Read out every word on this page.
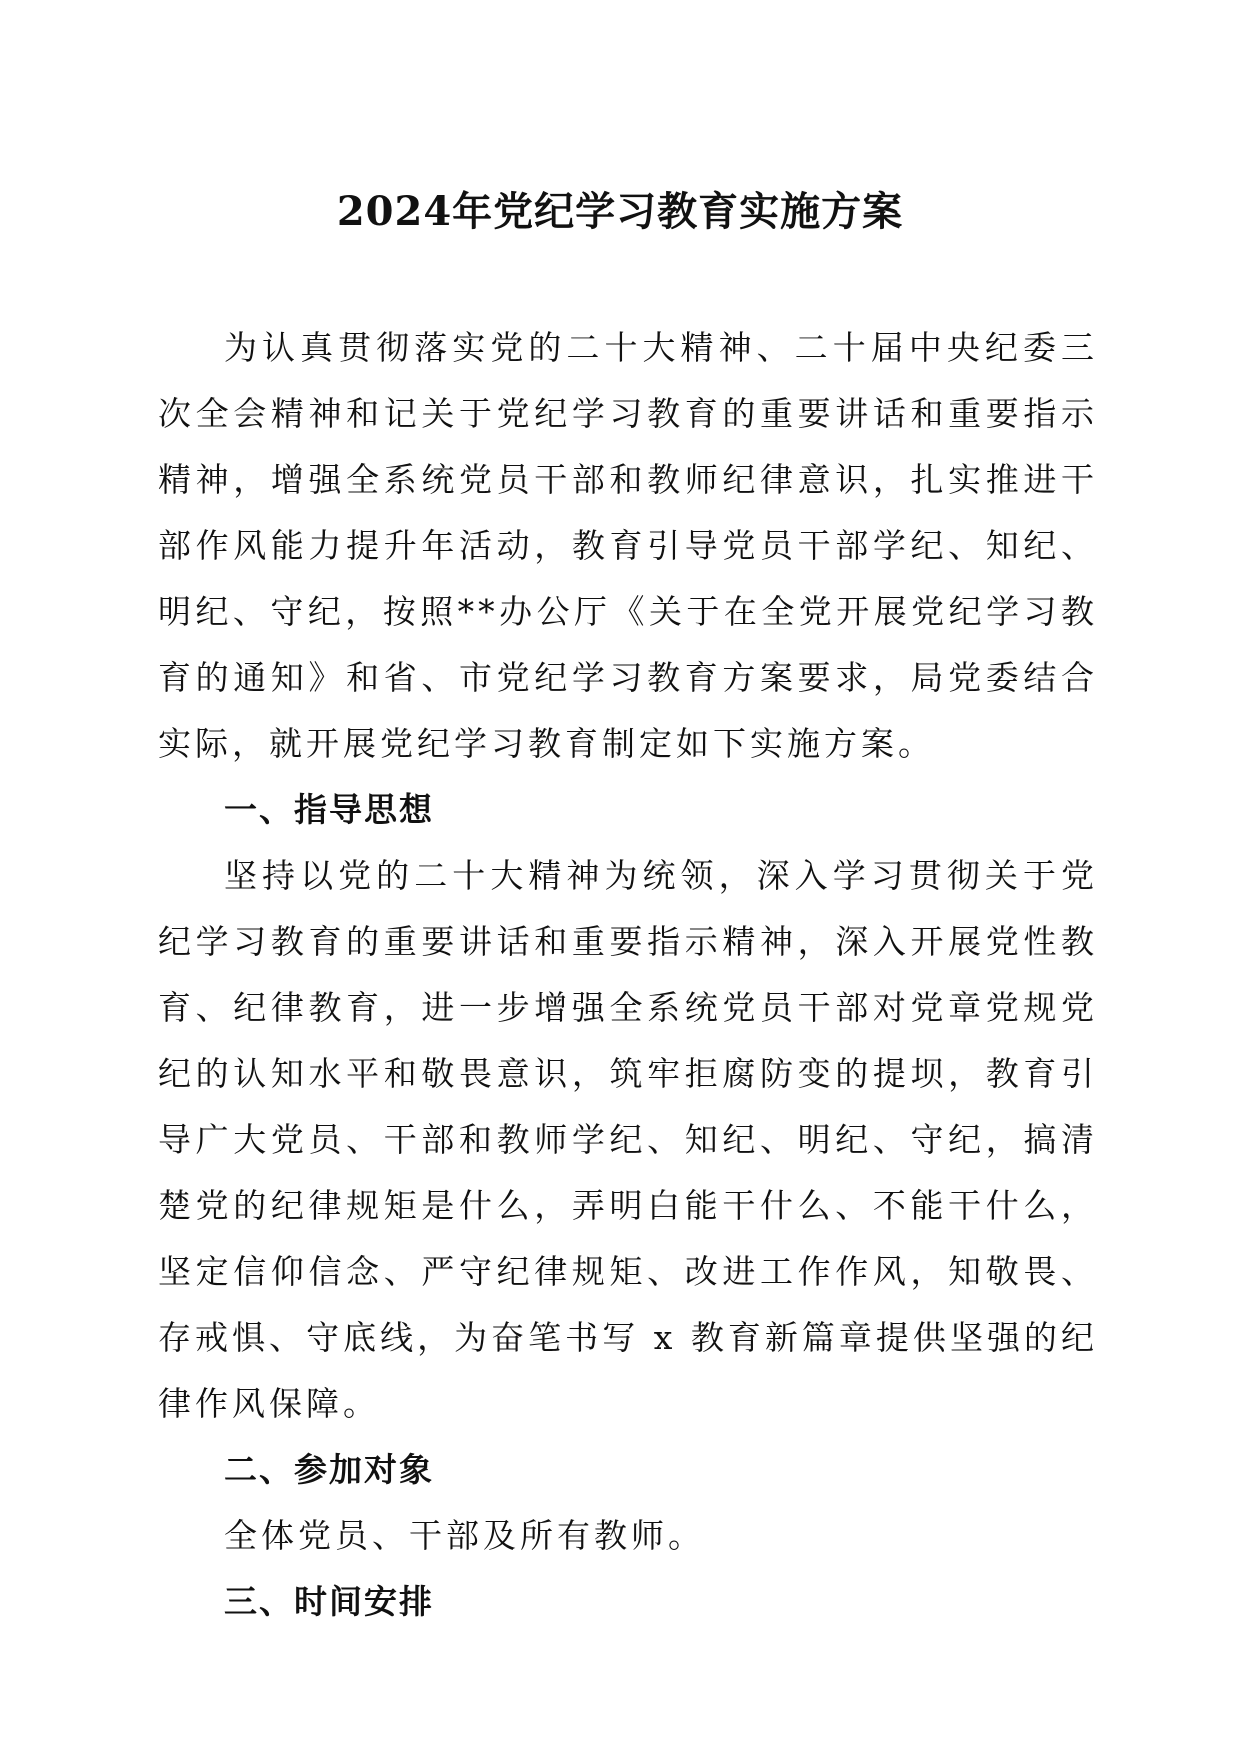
2024年党纪学习教育实施方案

为认真贯彻落实党的二十大精神、二十届中央纪委三次全会精神和记关于党纪学习教育的重要讲话和重要指示精神，增强全系统党员干部和教师纪律意识，扎实推进干部作风能力提升年活动，教育引导党员干部学纪、知纪、明纪、守纪，按照**办公厅《关于在全党开展党纪学习教育的通知》和省、市党纪学习教育方案要求，局党委结合实际，就开展党纪学习教育制定如下实施方案。

一、指导思想

坚持以党的二十大精神为统领，深入学习贯彻关于党纪学习教育的重要讲话和重要指示精神，深入开展党性教育、纪律教育，进一步增强全系统党员干部对党章党规党纪的认知水平和敬畏意识，筑牢拒腐防变的提坝，教育引导广大党员、干部和教师学纪、知纪、明纪、守纪，搞清楚党的纪律规矩是什么，弄明白能干什么、不能干什么，坚定信仰信念、严守纪律规矩、改进工作作风，知敬畏、存戒惧、守底线，为奋笔书写 x 教育新篇章提供坚强的纪律作风保障。

二、参加对象

全体党员、干部及所有教师。

三、时间安排
